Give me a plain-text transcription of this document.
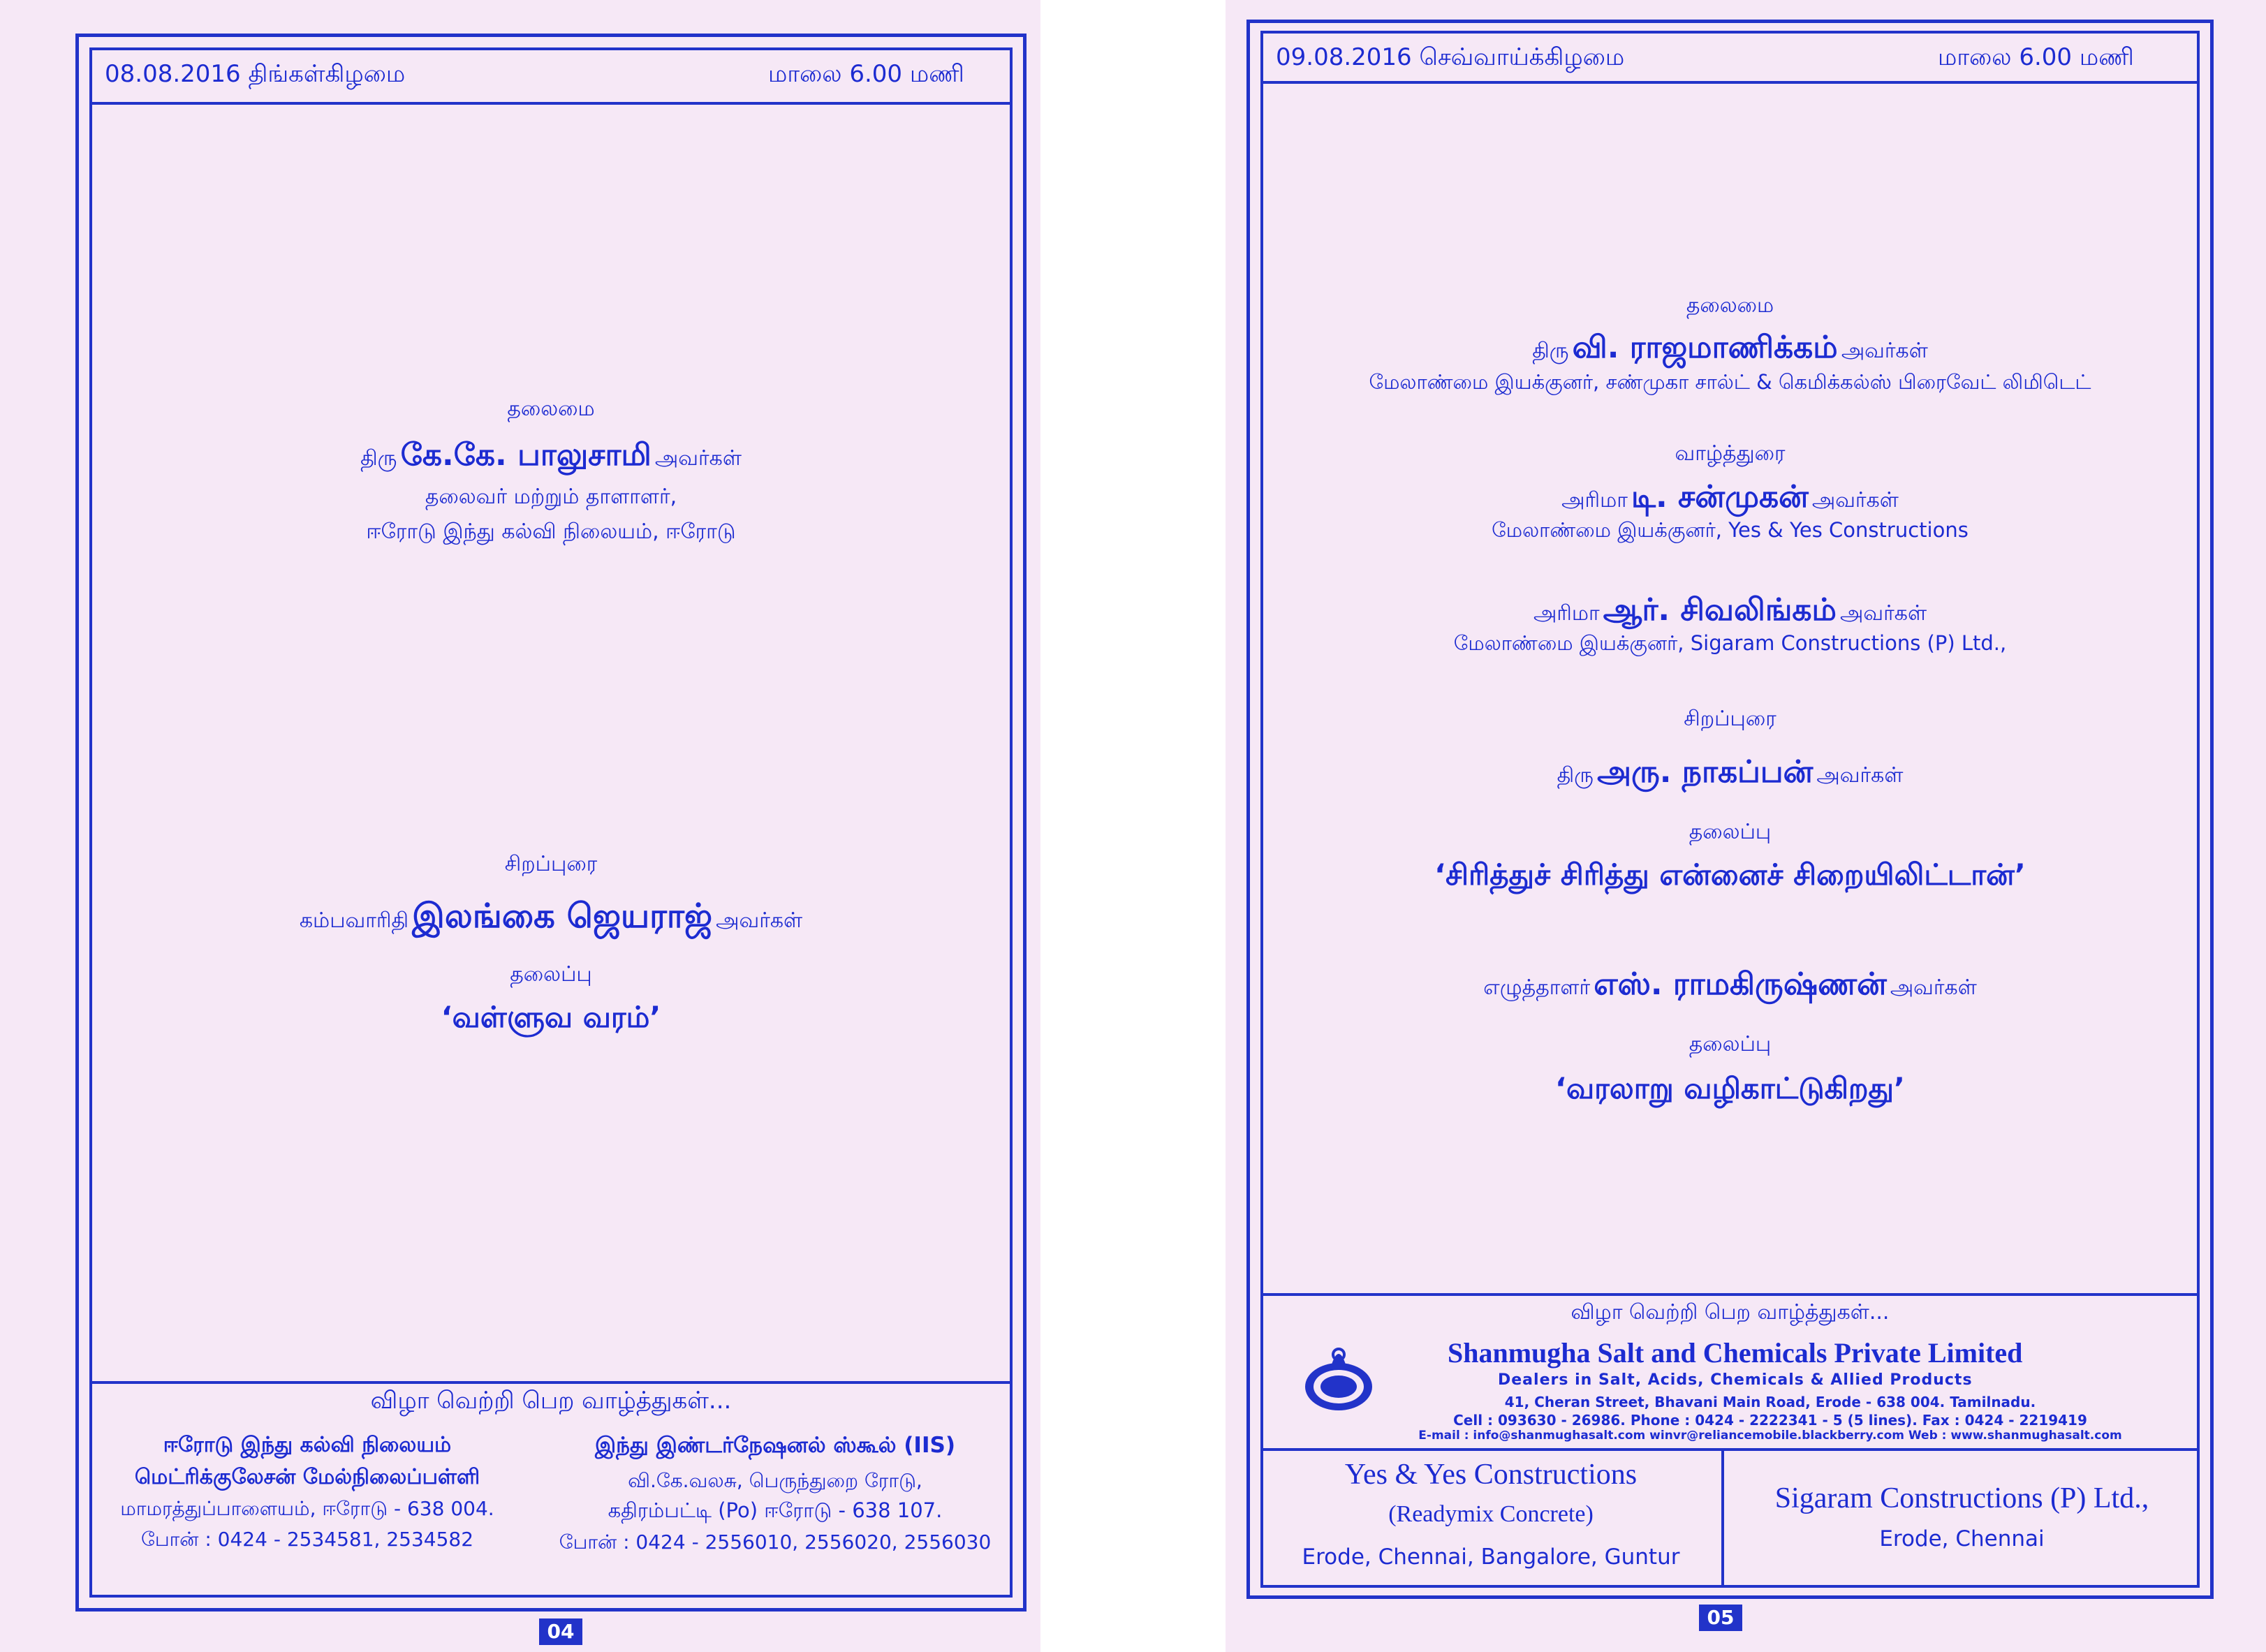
08.08.2016 திங்கள்கிழமை	மாலை 6.00 மணி
தலைமை
திரு கே.கே. பாலுசாமி அவர்கள்
தலைவர் மற்றும் தாளாளர்,
ஈரோடு இந்து கல்வி நிலையம், ஈரோடு
சிறப்புரை
கம்பவாரிதி இலங்கை ஜெயராஜ் அவர்கள்
தலைப்பு
‘வள்ளுவ வரம்’
விழா வெற்றி பெற வாழ்த்துகள்...
ஈரோடு இந்து கல்வி நிலையம்
மெட்ரிக்குலேசன் மேல்நிலைப்பள்ளி
மாமரத்துப்பாளையம், ஈரோடு - 638 004.
போன் : 0424 - 2534581, 2534582
இந்து இண்டர்நேஷனல் ஸ்கூல் (IIS)
வி.கே.வலசு, பெருந்துறை ரோடு,
கதிரம்பட்டி (Po) ஈரோடு - 638 107.
போன் : 0424 - 2556010, 2556020, 2556030
04
09.08.2016 செவ்வாய்க்கிழமை	மாலை 6.00 மணி
தலைமை
திரு வி. ராஜமாணிக்கம் அவர்கள்
மேலாண்மை இயக்குனர், சண்முகா சால்ட் & கெமிக்கல்ஸ் பிரைவேட் லிமிடெட்
வாழ்த்துரை
அரிமா டி. சன்முகன் அவர்கள்
மேலாண்மை இயக்குனர், Yes & Yes Constructions
அரிமா ஆர். சிவலிங்கம் அவர்கள்
மேலாண்மை இயக்குனர், Sigaram Constructions (P) Ltd.,
சிறப்புரை
திரு அரு. நாகப்பன் அவர்கள்
தலைப்பு
‘சிரித்துச் சிரித்து என்னைச் சிறையிலிட்டான்’
எழுத்தாளர் எஸ். ராமகிருஷ்ணன் அவர்கள்
தலைப்பு
‘வரலாறு வழிகாட்டுகிறது’
விழா வெற்றி பெற வாழ்த்துகள்...
Shanmugha Salt and Chemicals Private Limited
Dealers in Salt, Acids, Chemicals & Allied Products
41, Cheran Street, Bhavani Main Road, Erode - 638 004. Tamilnadu.
Cell : 093630 - 26986. Phone : 0424 - 2222341 - 5 (5 lines). Fax : 0424 - 2219419
E-mail : info@shanmughasalt.com winvr@reliancemobile.blackberry.com Web : www.shanmughasalt.com
Yes & Yes Constructions
(Readymix Concrete)
Erode, Chennai, Bangalore, Guntur
Sigaram Constructions (P) Ltd.,
Erode, Chennai
05
